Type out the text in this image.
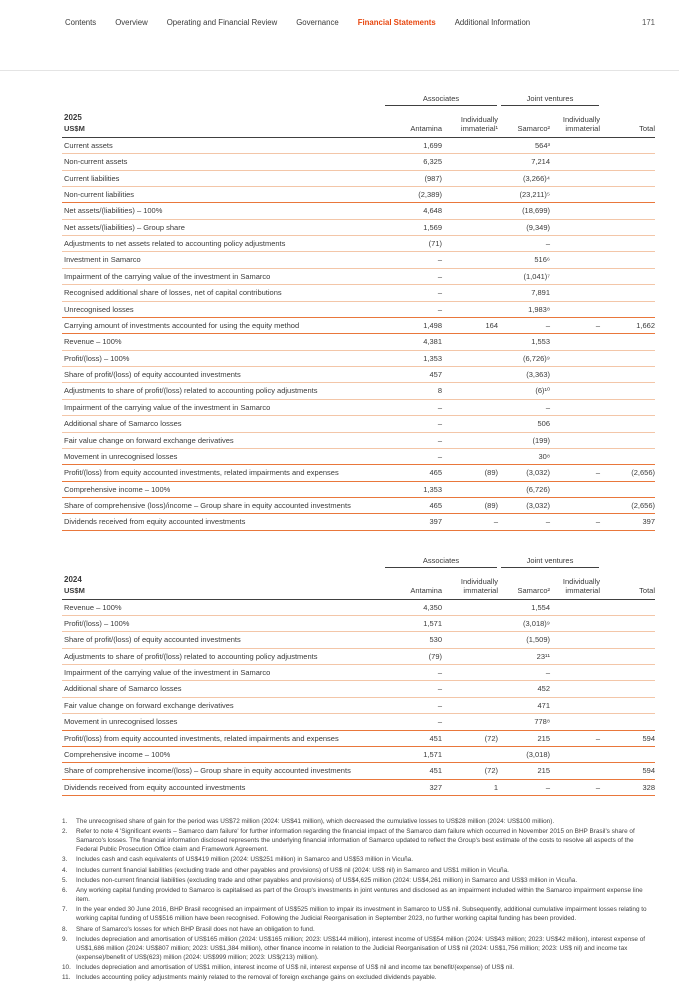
Contents Overview Operating and Financial Review Governance Financial Statements Additional Information	171

	Associates		Joint ventures		

2025
US$M	Antamina	Individually immaterial¹	Samarco²	Individually immaterial	Total
Current assets	1,699		564³		
Non-current assets	6,325		7,214		
Current liabilities	(987)		(3,266)⁴		
Non-current liabilities	(2,389)		(23,211)⁵		
Net assets/(liabilities) – 100%	4,648		(18,699)		
Net assets/(liabilities) – Group share	1,569		(9,349)		
Adjustments to net assets related to accounting policy adjustments	(71)		–		
Investment in Samarco	–		516⁶		
Impairment of the carrying value of the investment in Samarco	–		(1,041)⁷		
Recognised additional share of losses, net of capital contributions	–		7,891		
Unrecognised losses	–		1,983⁸		
Carrying amount of investments accounted for using the equity method	1,498	164	–	–	1,662
Revenue – 100%	4,381		1,553		
Profit/(loss) – 100%	1,353		(6,726)⁹		
Share of profit/(loss) of equity accounted investments	457		(3,363)		
Adjustments to share of profit/(loss) related to accounting policy adjustments	8		(6)¹⁰		
Impairment of the carrying value of the investment in Samarco	–		–		
Additional share of Samarco losses	–		506		
Fair value change on forward exchange derivatives	–		(199)		
Movement in unrecognised losses	–		30⁸		
Profit/(loss) from equity accounted investments, related impairments and expenses	465	(89)	(3,032)	–	(2,656)
Comprehensive income – 100%	1,353		(6,726)		
Share of comprehensive (loss)/income – Group share in equity accounted investments	465	(89)	(3,032)		(2,656)
Dividends received from equity accounted investments	397	–	–	–	397

	Associates		Joint ventures		

2024
US$M	Antamina	Individually immaterial	Samarco²	Individually immaterial	Total
Revenue – 100%	4,350		1,554		
Profit/(loss) – 100%	1,571		(3,018)⁹		
Share of profit/(loss) of equity accounted investments	530		(1,509)		
Adjustments to share of profit/(loss) related to accounting policy adjustments	(79)		23¹¹		
Impairment of the carrying value of the investment in Samarco	–		–		
Additional share of Samarco losses	–		452		
Fair value change on forward exchange derivatives	–		471		
Movement in unrecognised losses	–		778⁸		
Profit/(loss) from equity accounted investments, related impairments and expenses	451	(72)	215	–	594
Comprehensive income – 100%	1,571		(3,018)		
Share of comprehensive income/(loss) – Group share in equity accounted investments	451	(72)	215		594
Dividends received from equity accounted investments	327	1	–	–	328
1.	The unrecognised share of gain for the period was US$72 million (2024: US$41 million), which decreased the cumulative losses to US$28 million (2024: US$100 million).
2.	Refer to note 4 'Significant events – Samarco dam failure' for further information regarding the financial impact of the Samarco dam failure which occurred in November 2015 on BHP Brasil's share of Samarco's losses. The financial information disclosed represents the underlying financial information of Samarco updated to reflect the Group's best estimate of the costs to resolve all aspects of the Federal Public Prosecution Office claim and Framework Agreement.
3.	Includes cash and cash equivalents of US$419 million (2024: US$251 million) in Samarco and US$53 million in Vicuña.
4.	Includes current financial liabilities (excluding trade and other payables and provisions) of US$ nil (2024: US$ nil) in Samarco and US$1 million in Vicuña.
5.	Includes non-current financial liabilities (excluding trade and other payables and provisions) of US$4,625 million (2024: US$4,261 million) in Samarco and US$3 million in Vicuña.
6.	Any working capital funding provided to Samarco is capitalised as part of the Group's investments in joint ventures and disclosed as an impairment included within the Samarco impairment expense line item.
7.	In the year ended 30 June 2016, BHP Brasil recognised an impairment of US$525 million to impair its investment in Samarco to US$ nil. Subsequently, additional cumulative impairment losses relating to working capital funding of US$516 million have been recognised. Following the Judicial Reorganisation in September 2023, no further working capital funding has been provided.
8.	Share of Samarco's losses for which BHP Brasil does not have an obligation to fund.
9.	Includes depreciation and amortisation of US$165 million (2024: US$165 million; 2023: US$144 million), interest income of US$54 million (2024: US$43 million; 2023: US$42 million), interest expense of US$1,686 million (2024: US$807 million; 2023: US$1,384 million), other finance income in relation to the Judicial Reorganisation of US$ nil (2024: US$1,756 million; 2023: US$ nil) and income tax (expense)/benefit of US$(623) million (2024: US$999 million; 2023: US$(213) million).
10. Includes depreciation and amortisation of US$1 million, interest income of US$ nil, interest expense of US$ nil and income tax benefit/(expense) of US$ nil.
11. Includes accounting policy adjustments mainly related to the removal of foreign exchange gains on excluded dividends payable.
